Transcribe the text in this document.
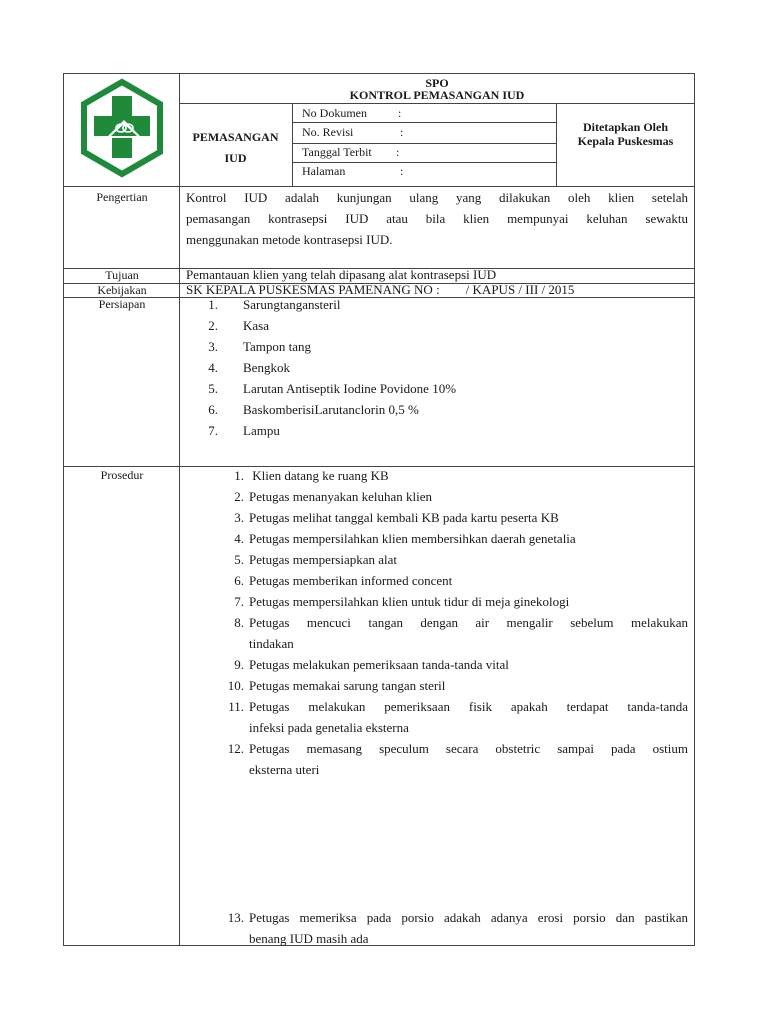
SPO
KONTROL PEMASANGAN IUD
PEMASANGAN
IUD
No Dokumen	:
No. Revisi	:
Tanggal Terbit :
Halaman	:
Ditetapkan Oleh
Kepala Puskesmas
Pengertian	Kontrol IUD adalah kunjungan ulang yang dilakukan oleh klien setelah
pemasangan kontrasepsi IUD atau bila klien mempunyai keluhan sewaktu
menggunakan metode kontrasepsi IUD.
Tujuan	Pemantauan klien yang telah dipasang alat kontrasepsi IUD
Kebijakan	SK KEPALA PUSKESMAS PAMENANG NO :        / KAPUS / III / 2015
Persiapan	1. Sarungtangansteril
2. Kasa
3. Tampon tang
4. Bengkok
5. Larutan Antiseptik Iodine Povidone 10%
6. BaskomberisiLarutanclorin 0,5 %
7. Lampu
Prosedur	1. Klien datang ke ruang KB
2. Petugas menanyakan keluhan klien
3. Petugas melihat tanggal kembali KB pada kartu peserta KB
4. Petugas mempersilahkan klien membersihkan daerah genetalia
5. Petugas mempersiapkan alat
6. Petugas memberikan informed concent
7. Petugas mempersilahkan klien untuk tidur di meja ginekologi
8. Petugas mencuci tangan dengan air mengalir sebelum melakukan
tindakan
9. Petugas melakukan pemeriksaan tanda-tanda vital
10. Petugas memakai sarung tangan steril
11. Petugas melakukan pemeriksaan fisik apakah terdapat tanda-tanda
infeksi pada genetalia eksterna
12. Petugas memasang speculum secara obstetric sampai pada ostium
eksterna uteri
13. Petugas memeriksa pada porsio adakah adanya erosi porsio dan pastikan
benang IUD masih ada
